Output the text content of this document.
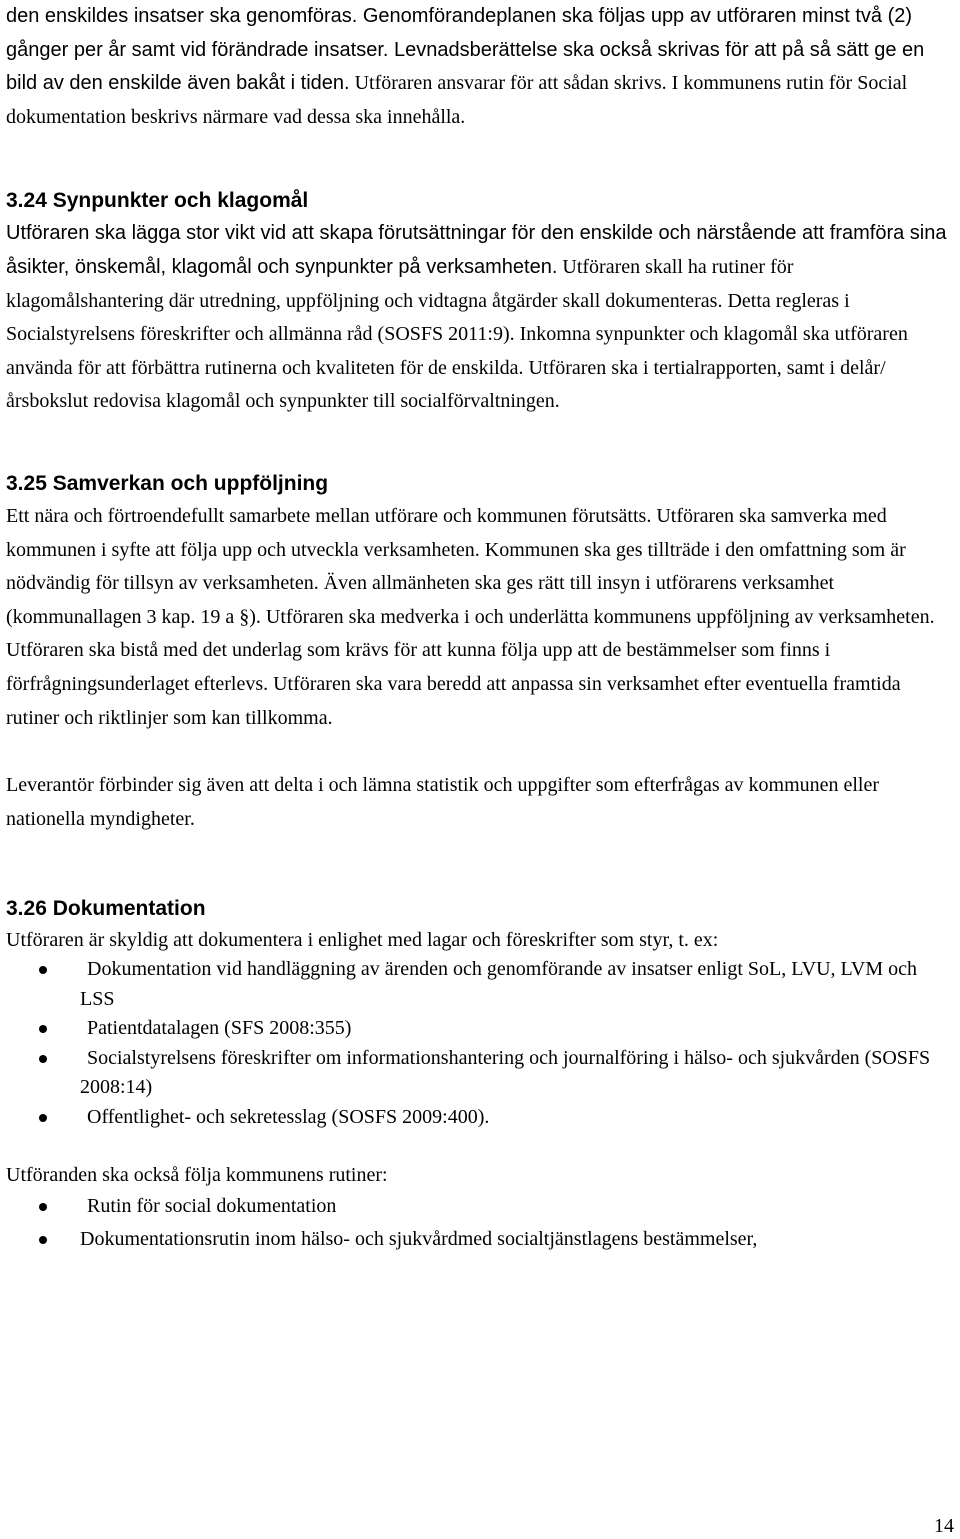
den enskildes insatser ska genomföras. Genomförandeplanen ska följas upp av utföraren minst två (2) gånger per år samt vid förändrade insatser. Levnadsberättelse ska också skrivas för att på så sätt ge en bild av den enskilde även bakåt i tiden. Utföraren ansvarar för att sådan skrivs. I kommunens rutin för Social dokumentation beskrivs närmare vad dessa ska innehålla.

3.24 Synpunkter och klagomål

Utföraren ska lägga stor vikt vid att skapa förutsättningar för den enskilde och närstående att framföra sina åsikter, önskemål, klagomål och synpunkter på verksamheten. Utföraren skall ha rutiner för klagomålshantering där utredning, uppföljning och vidtagna åtgärder skall dokumenteras. Detta regleras i Socialstyrelsens föreskrifter och allmänna råd (SOSFS 2011:9). Inkomna synpunkter och klagomål ska utföraren använda för att förbättra rutinerna och kvaliteten för de enskilda. Utföraren ska i tertialrapporten, samt i delår/årsbokslut redovisa klagomål och synpunkter till socialförvaltningen.

3.25 Samverkan och uppföljning

Ett nära och förtroendefullt samarbete mellan utförare och kommunen förutsätts. Utföraren ska samverka med kommunen i syfte att följa upp och utveckla verksamheten. Kommunen ska ges tillträde i den omfattning som är nödvändig för tillsyn av verksamheten. Även allmänheten ska ges rätt till insyn i utförarens verksamhet (kommunallagen 3 kap. 19 a §). Utföraren ska medverka i och underlätta kommunens uppföljning av verksamheten. Utföraren ska bistå med det underlag som krävs för att kunna följa upp att de bestämmelser som finns i förfrågningsunderlaget efterlevs. Utföraren ska vara beredd att anpassa sin verksamhet efter eventuella framtida rutiner och riktlinjer som kan tillkomma.

Leverantör förbinder sig även att delta i och lämna statistik och uppgifter som efterfrågas av kommunen eller nationella myndigheter.

3.26 Dokumentation

Utföraren är skyldig att dokumentera i enlighet med lagar och föreskrifter som styr, t. ex:

Dokumentation vid handläggning av ärenden och genomförande av insatser enligt SoL, LVU, LVM och LSS
Patientdatalagen (SFS 2008:355)
Socialstyrelsens föreskrifter om informationshantering och journalföring i hälso- och sjukvården (SOSFS 2008:14)
Offentlighet- och sekretesslag (SOSFS 2009:400).

Utföranden ska också följa kommunens rutiner:

Rutin för social dokumentation
Dokumentationsrutin inom hälso- och sjukvårdmed socialtjänstlagens bestämmelser,
14
